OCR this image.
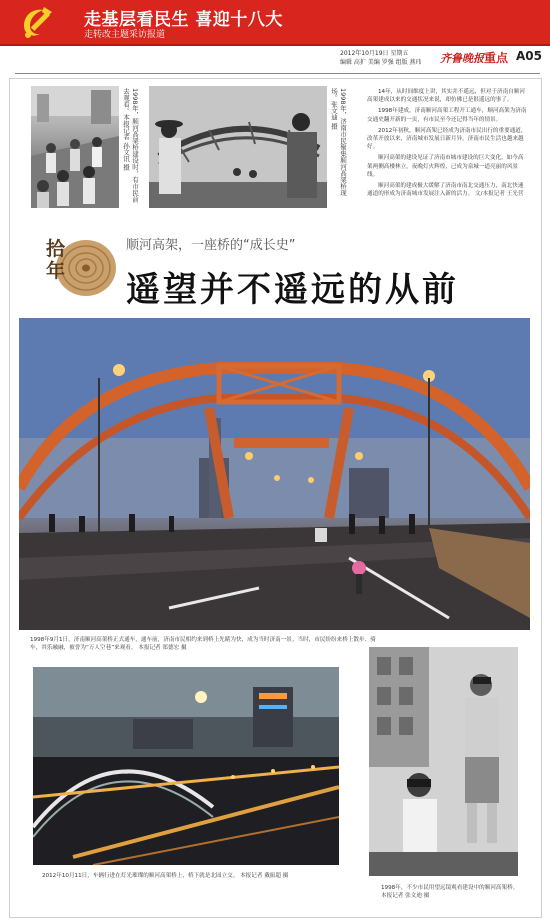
走基层看民生 喜迎十八大
走转改主题采访报道
2012年10月19日 星期五
编辑 高扩 美编 罗强 组版 燕玮 齐鲁晚报 重点 A05
1998年，顺河高架桥建设时，有市民前去观看。本报记者 孙文讯 摄	1998年，济南市民聚集顺河高架桥现场。张文迪 摄	14年，从时间维度上讲，其实并不遥远，但对于济南自顺河高架建成以来的交通状况来说，却仿佛已是很遥远的事了。

1998年建成，济南顺河高架工程开工通车，顺河高架为济南交通史翻开新的一页，有市民至今还记得当年的情景。

2012年初秋，顺河高架已经成为济南市民出行的重要通道，改革开放以来，济南城市发展日新月异，济南市民生活也越来越好。

顺河高架的建设见证了济南市城市建设的巨大变化，如今高架两侧高楼林立，夜晚灯火辉煌，已成为泉城一道亮丽的风景线。

顺河高架的建成极大缓解了济南市南北交通压力，南北快速通道的形成为济南城市发展注入新的活力。 文/本报记者 王光营

拾年
顺河高架，一座桥的“成长史”
遥望并不遥远的从前
1998年9月1日，济南顺河高架桥正式通车，通车前，济南市民相约来到桥上先睹为快，成为当时济南一景。当时，市民纷纷来桥上散步、骑车，其乐融融，被誉为“万人空巷”来观看。 本报记者 郑德宏 摄
2012年10月11日，车辆行进在灯光璀璨的顺河高架桥上，桥下就是北园立交。 本报记者 戴振超 摄
1998年，不少市民用望远镜观看建设中的顺河高架桥。 本报记者 张文迪 摄
